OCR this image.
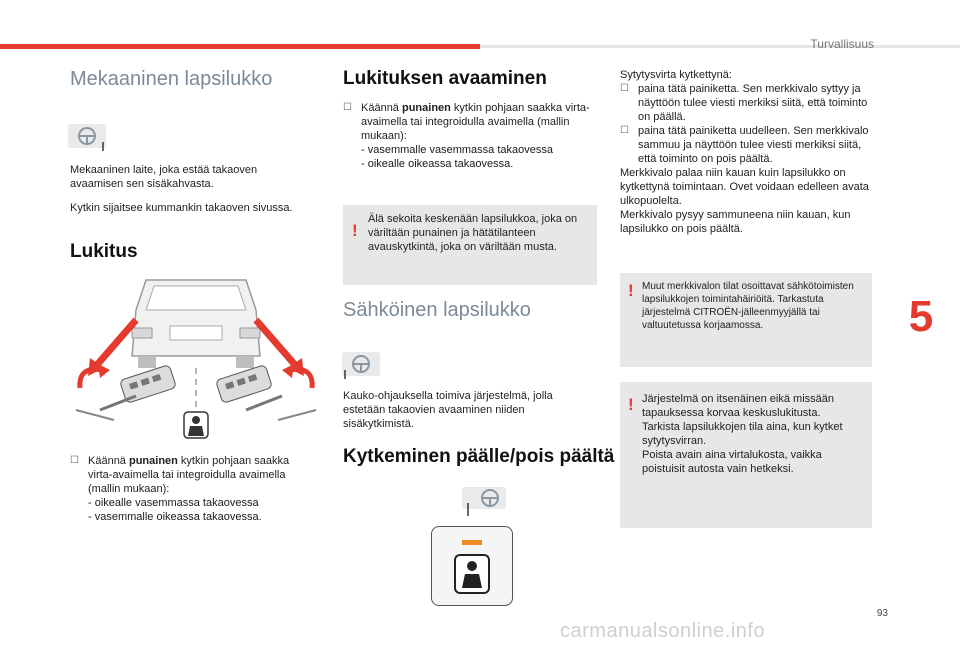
Turvallisuus
5
Mekaaninen lapsilukko

Mekaaninen laite, joka estää takaoven avaamisen sen sisäkahvasta.

Kytkin sijaitsee kummankin takaoven sivussa.

Lukitus
☐ Käännä punainen kytkin pohjaan saakka virta-avaimella tai integroidulla avaimella (mallin mukaan):
- oikealle vasemmassa takaovessa
- vasemmalle oikeassa takaovessa.
Lukituksen avaaminen
☐ Käännä punainen kytkin pohjaan saakka virta-avaimella tai integroidulla avaimella (mallin mukaan):
- vasemmalle vasemmassa takaovessa
- oikealle oikeassa takaovessa.
!
Älä sekoita keskenään lapsilukkoa, joka on väriltään punainen ja hätätilanteen avauskytkintä, joka on väriltään musta.
Sähköinen lapsilukko

Kauko-ohjauksella toimiva järjestelmä, jolla estetään takaovien avaaminen niiden sisäkytkimistä.

Kytkeminen päälle/pois päältä

Sytytysvirta kytkettynä:

☐ paina tätä painiketta. Sen merkkivalo syttyy ja näyttöön tulee viesti merkiksi siitä, että toiminto on päällä.
☐ paina tätä painiketta uudelleen. Sen merkkivalo sammuu ja näyttöön tulee viesti merkiksi siitä, että toiminto on pois päältä.

Merkkivalo palaa niin kauan kuin lapsilukko on kytkettynä toimintaan. Ovet voidaan edelleen avata ulkopuolelta.

Merkkivalo pysyy sammuneena niin kauan, kun lapsilukko on pois päältä.

! Muut merkkivalon tilat osoittavat sähkötoimisten lapsilukkojen toimintahäiriöitä. Tarkastuta järjestelmä CITROËN-jälleenmyyjällä tai valtuutetussa korjaamossa.
! Järjestelmä on itsenäinen eikä missään tapauksessa korvaa keskuslukitusta.
Tarkista lapsilukkojen tila aina, kun kytket sytytysvirran.
Poista avain aina virtalukosta, vaikka poistuisit autosta vain hetkeksi.
93
carmanualsonline.info
